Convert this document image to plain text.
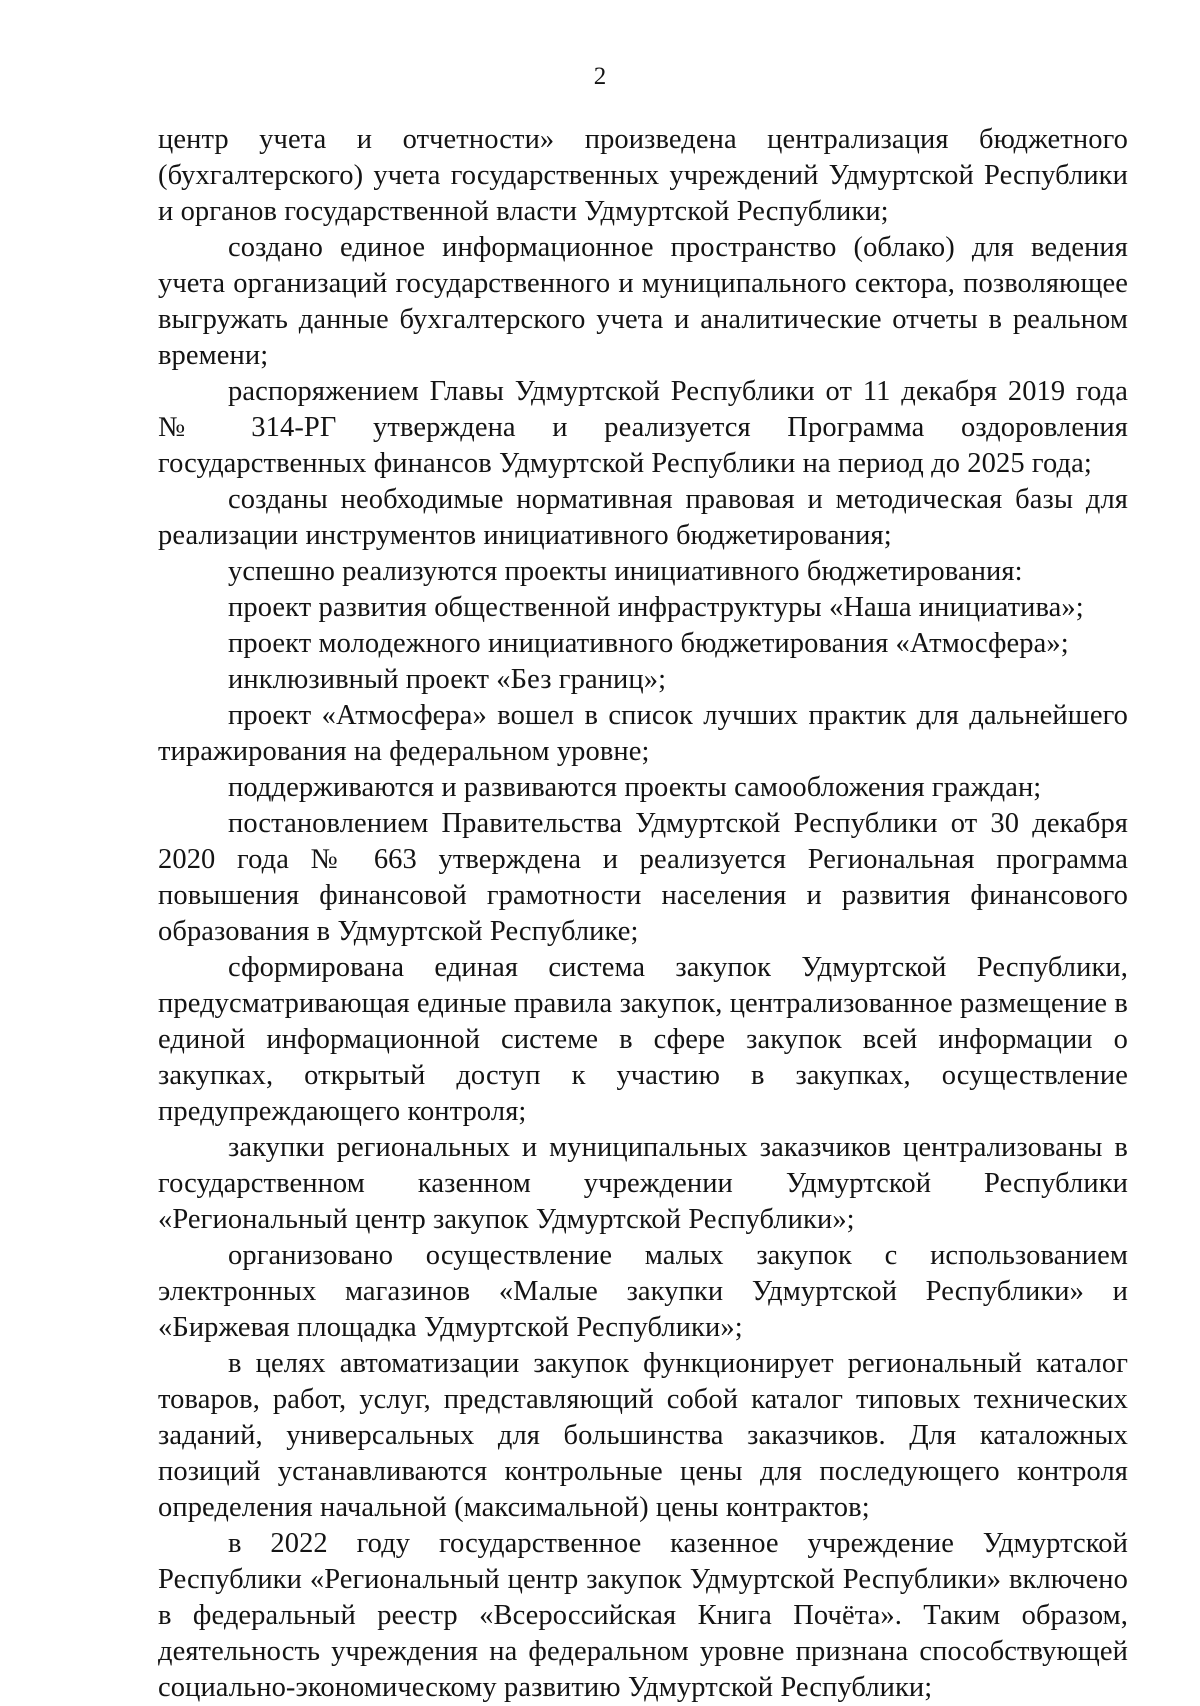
2

центр учета и отчетности» произведена централизация бюджетного (бухгалтерского) учета государственных учреждений Удмуртской Республики и органов государственной власти Удмуртской Республики;

создано единое информационное пространство (облако) для ведения учета организаций государственного и муниципального сектора, позволяющее выгружать данные бухгалтерского учета и аналитические отчеты в реальном времени;

распоряжением Главы Удмуртской Республики от 11 декабря 2019 года № 314-РГ утверждена и реализуется Программа оздоровления государственных финансов Удмуртской Республики на период до 2025 года;

созданы необходимые нормативная правовая и методическая базы для реализации инструментов инициативного бюджетирования;

успешно реализуются проекты инициативного бюджетирования:

проект развития общественной инфраструктуры «Наша инициатива»;

проект молодежного инициативного бюджетирования «Атмосфера»;

инклюзивный проект «Без границ»;

проект «Атмосфера» вошел в список лучших практик для дальнейшего тиражирования на федеральном уровне;

поддерживаются и развиваются проекты самообложения граждан;

постановлением Правительства Удмуртской Республики от 30 декабря 2020 года № 663 утверждена и реализуется Региональная программа повышения финансовой грамотности населения и развития финансового образования в Удмуртской Республике;

сформирована единая система закупок Удмуртской Республики, предусматривающая единые правила закупок, централизованное размещение в единой информационной системе в сфере закупок всей информации о закупках, открытый доступ к участию в закупках, осуществление предупреждающего контроля;

закупки региональных и муниципальных заказчиков централизованы в государственном казенном учреждении Удмуртской Республики «Региональный центр закупок Удмуртской Республики»;

организовано осуществление малых закупок с использованием электронных магазинов «Малые закупки Удмуртской Республики» и «Биржевая площадка Удмуртской Республики»;

в целях автоматизации закупок функционирует региональный каталог товаров, работ, услуг, представляющий собой каталог типовых технических заданий, универсальных для большинства заказчиков. Для каталожных позиций устанавливаются контрольные цены для последующего контроля определения начальной (максимальной) цены контрактов;

в 2022 году государственное казенное учреждение Удмуртской Республики «Региональный центр закупок Удмуртской Республики» включено в федеральный реестр «Всероссийская Книга Почёта». Таким образом, деятельность учреждения на федеральном уровне признана способствующей социально-экономическому развитию Удмуртской Республики;
